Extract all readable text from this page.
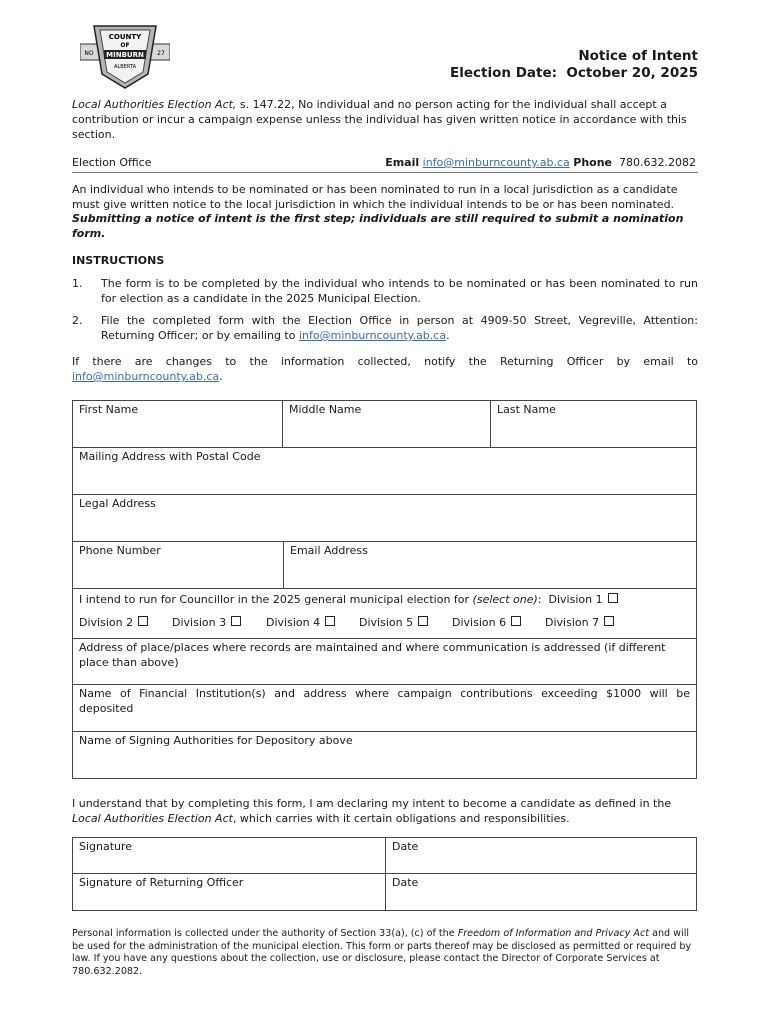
COUNTY
OF
MINBURN
ALBERTA
NO	27	Notice of Intent
Election Date: October 20, 2025
Local Authorities Election Act, s. 147.22, No individual and no person acting for the individual shall accept a contribution or incur a campaign expense unless the individual has given written notice in accordance with this section.
Election Office	Email info@minburncounty.ab.ca Phone 780.632.2082
An individual who intends to be nominated or has been nominated to run in a local jurisdiction as a candidate must give written notice to the local jurisdiction in which the individual intends to be or has been nominated. Submitting a notice of intent is the first step; individuals are still required to submit a nomination form.
INSTRUCTIONS
1. The form is to be completed by the individual who intends to be nominated or has been nominated to run for election as a candidate in the 2025 Municipal Election.
2. File the completed form with the Election Office in person at 4909-50 Street, Vegreville, Attention: Returning Officer; or by emailing to info@minburncounty.ab.ca.
If there are changes to the information collected, notify the Returning Officer by email to info@minburncounty.ab.ca.
First Name	Middle Name	Last Name
Mailing Address with Postal Code
Legal Address
Phone Number	Email Address
I intend to run for Councillor in the 2025 general municipal election for (select one): Division 1
Division 2	Division 3	Division 4	Division 5	Division 6	Division 7
Address of place/places where records are maintained and where communication is addressed (if different place than above)
Name of Financial Institution(s) and address where campaign contributions exceeding $1000 will be deposited
Name of Signing Authorities for Depository above
I understand that by completing this form, I am declaring my intent to become a candidate as defined in the Local Authorities Election Act, which carries with it certain obligations and responsibilities.
Signature	Date
Signature of Returning Officer	Date
Personal information is collected under the authority of Section 33(a), (c) of the Freedom of Information and Privacy Act and will be used for the administration of the municipal election. This form or parts thereof may be disclosed as permitted or required by law. If you have any questions about the collection, use or disclosure, please contact the Director of Corporate Services at 780.632.2082.
